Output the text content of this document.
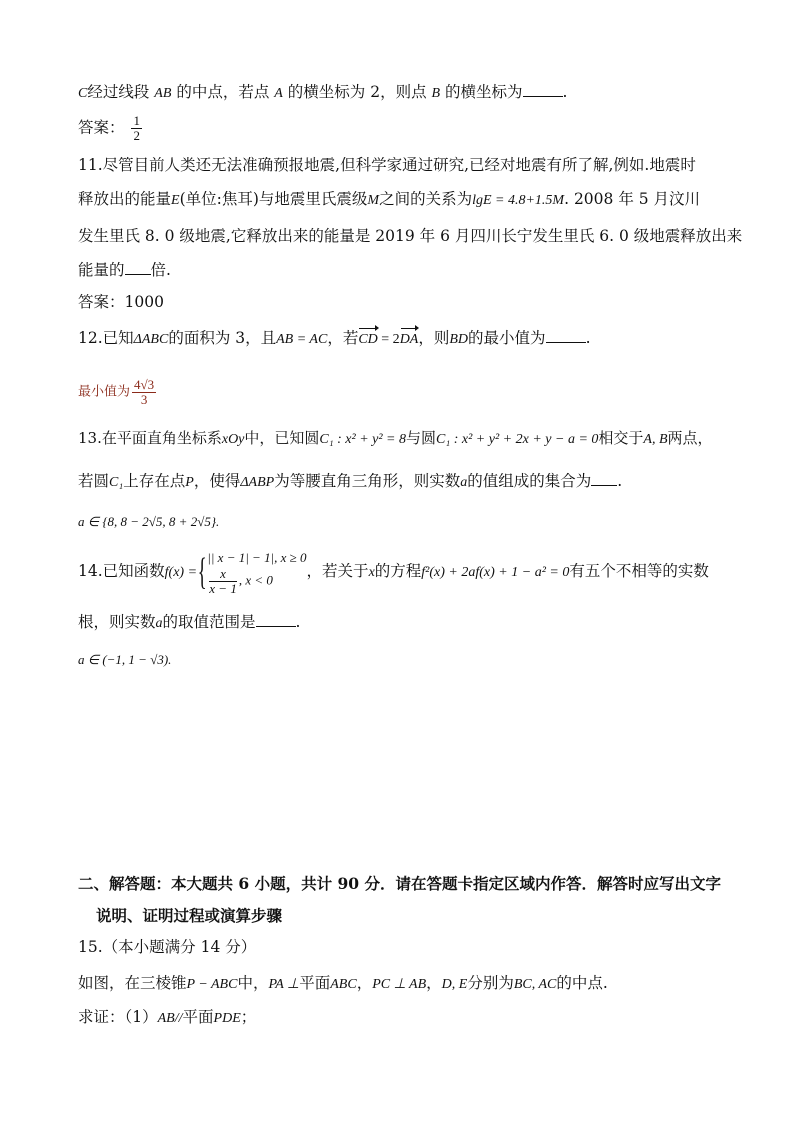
C经过线段 AB 的中点，若点 A 的横坐标为 2，则点 B 的横坐标为	.
答案： $\frac{1}{2}$
11.尽管目前人类还无法准确预报地震,但科学家通过研究,已经对地震有所了解,例如.地震时
释放出的能量E(单位:焦耳)与地震里氏震级M之间的关系为lgE = 4.8+1.5M. 2008 年 5 月汶川
发生里氏 8. 0 级地震,它释放出来的能量是 2019 年 6 月四川长宁发生里氏 6. 0 级地震释放出来
能量的 倍.
答案：1000
12.已知ΔABC的面积为 3，且AB = AC，若CD = 2DA，则BD的最小值为	.
最小值为 $\frac{4√3}{3}$
13.在平面直角坐标系xOy中，已知圆C₁ : x² + y² = 8与圆C₁ : x² + y² + 2x + y − a = 0相交于A, B两点，
若圆C₁上存在点P，使得ΔABP为等腰直角三角形，则实数a的值组成的集合为 .
a ∈ {8, 8 − 2√5, 8 + 2√5}.
14.已知函数f(x) ={ || x − 1| − 1|, x ≥ 0
$\frac{x}{x - 1}$ , x < 0	，若关于x的方程f²(x) + 2af(x) + 1 − a² = 0有五个不相等的实数
根，则实数a的取值范围是	.
a ∈ (−1, 1 − √3).
二、解答题：本大题共 6 小题，共计 90 分．请在答题卡指定区域内作答．解答时应写出文字
说明、证明过程或演算步骤
15.（本小题满分 14 分）
如图，在三棱锥P − ABC中，PA ⊥平面ABC，PC ⊥ AB，D, E分别为BC, AC的中点.
求证：（1）AB//平面PDE；
